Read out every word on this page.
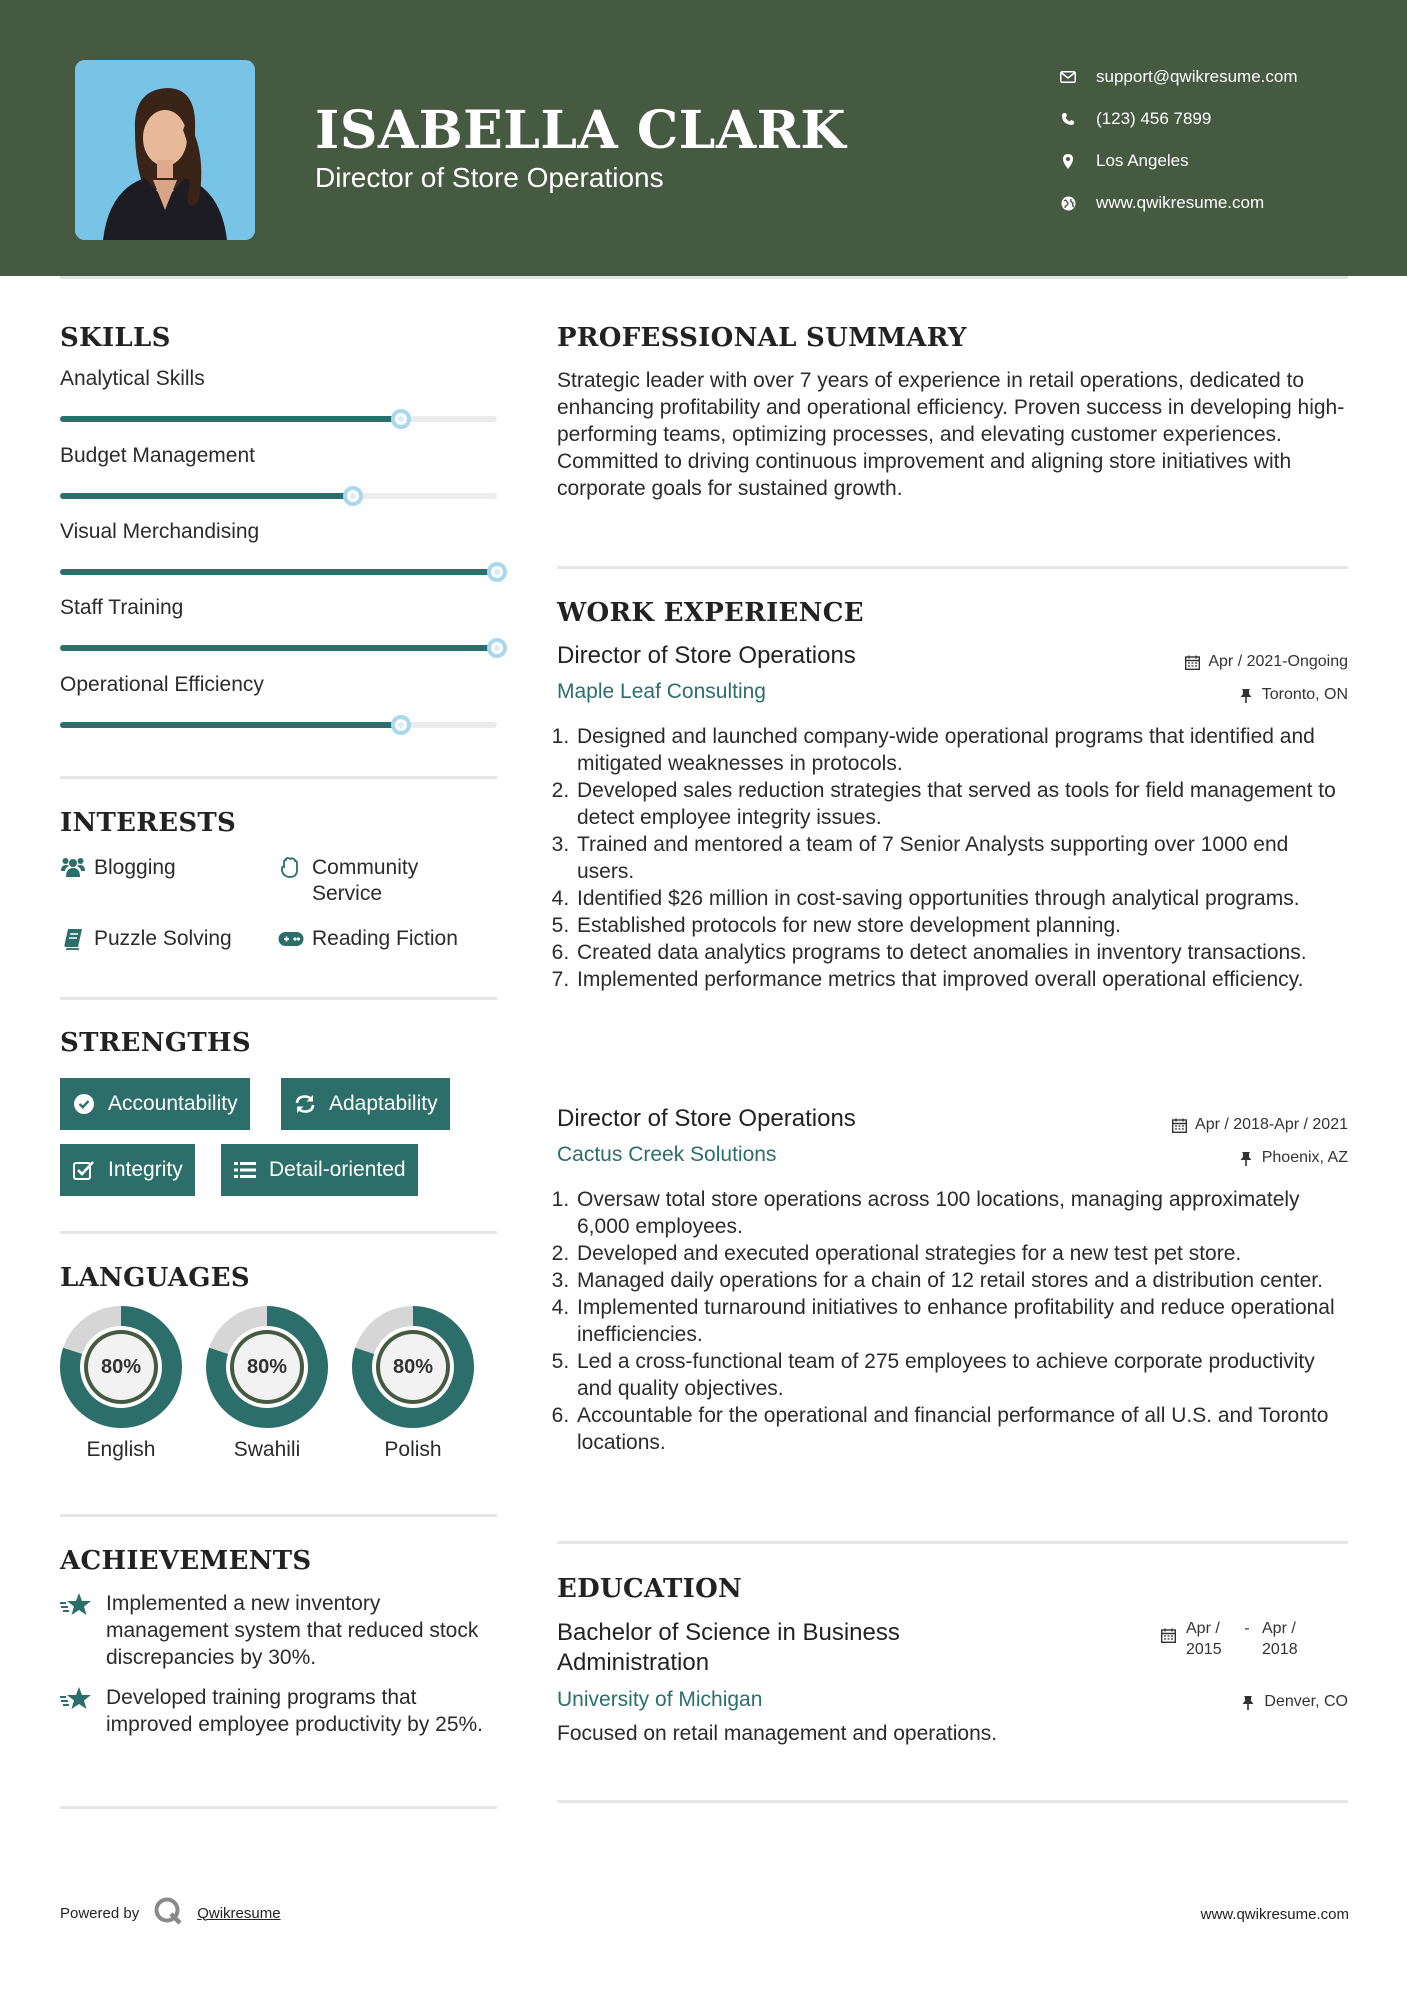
ISABELLA CLARK
Director of Store Operations
support@qwikresume.com
(123) 456 7899
Los Angeles
www.qwikresume.com
SKILLS
Analytical Skills
Budget Management
Visual Merchandising
Staff Training
Operational Efficiency
INTERESTS
Blogging	Community
Service
Puzzle Solving	Reading Fiction
STRENGTHS
Accountability	Adaptability
Integrity	Detail-oriented
LANGUAGES
80%
English
80%
Swahili
80%
Polish
ACHIEVEMENTS
Implemented a new inventory management system that reduced stock discrepancies by 30%.
Developed training programs that improved employee productivity by 25%.
PROFESSIONAL SUMMARY
Strategic leader with over 7 years of experience in retail operations, dedicated to enhancing profitability and operational efficiency. Proven success in developing high-performing teams, optimizing processes, and elevating customer experiences. Committed to driving continuous improvement and aligning store initiatives with corporate goals for sustained growth.
WORK EXPERIENCE
Director of Store Operations	Apr / 2021-Ongoing
Maple Leaf Consulting	Toronto, ON
1. Designed and launched company-wide operational programs that identified and mitigated weaknesses in protocols.
2. Developed sales reduction strategies that served as tools for field management to detect employee integrity issues.
3. Trained and mentored a team of 7 Senior Analysts supporting over 1000 end users.
4. Identified $26 million in cost-saving opportunities through analytical programs.
5. Established protocols for new store development planning.
6. Created data analytics programs to detect anomalies in inventory transactions.
7. Implemented performance metrics that improved overall operational efficiency.
Director of Store Operations	Apr / 2018-Apr / 2021
Cactus Creek Solutions	Phoenix, AZ
1. Oversaw total store operations across 100 locations, managing approximately 6,000 employees.
2. Developed and executed operational strategies for a new test pet store.
3. Managed daily operations for a chain of 12 retail stores and a distribution center.
4. Implemented turnaround initiatives to enhance profitability and reduce operational inefficiencies.
5. Led a cross-functional team of 275 employees to achieve corporate productivity and quality objectives.
6. Accountable for the operational and financial performance of all U.S. and Toronto locations.
EDUCATION
Bachelor of Science in Business Administration
Apr / 2015
- Apr / 2018
University of Michigan	Denver, CO
Focused on retail management and operations.
Powered by	Qwikresume	www.qwikresume.com
